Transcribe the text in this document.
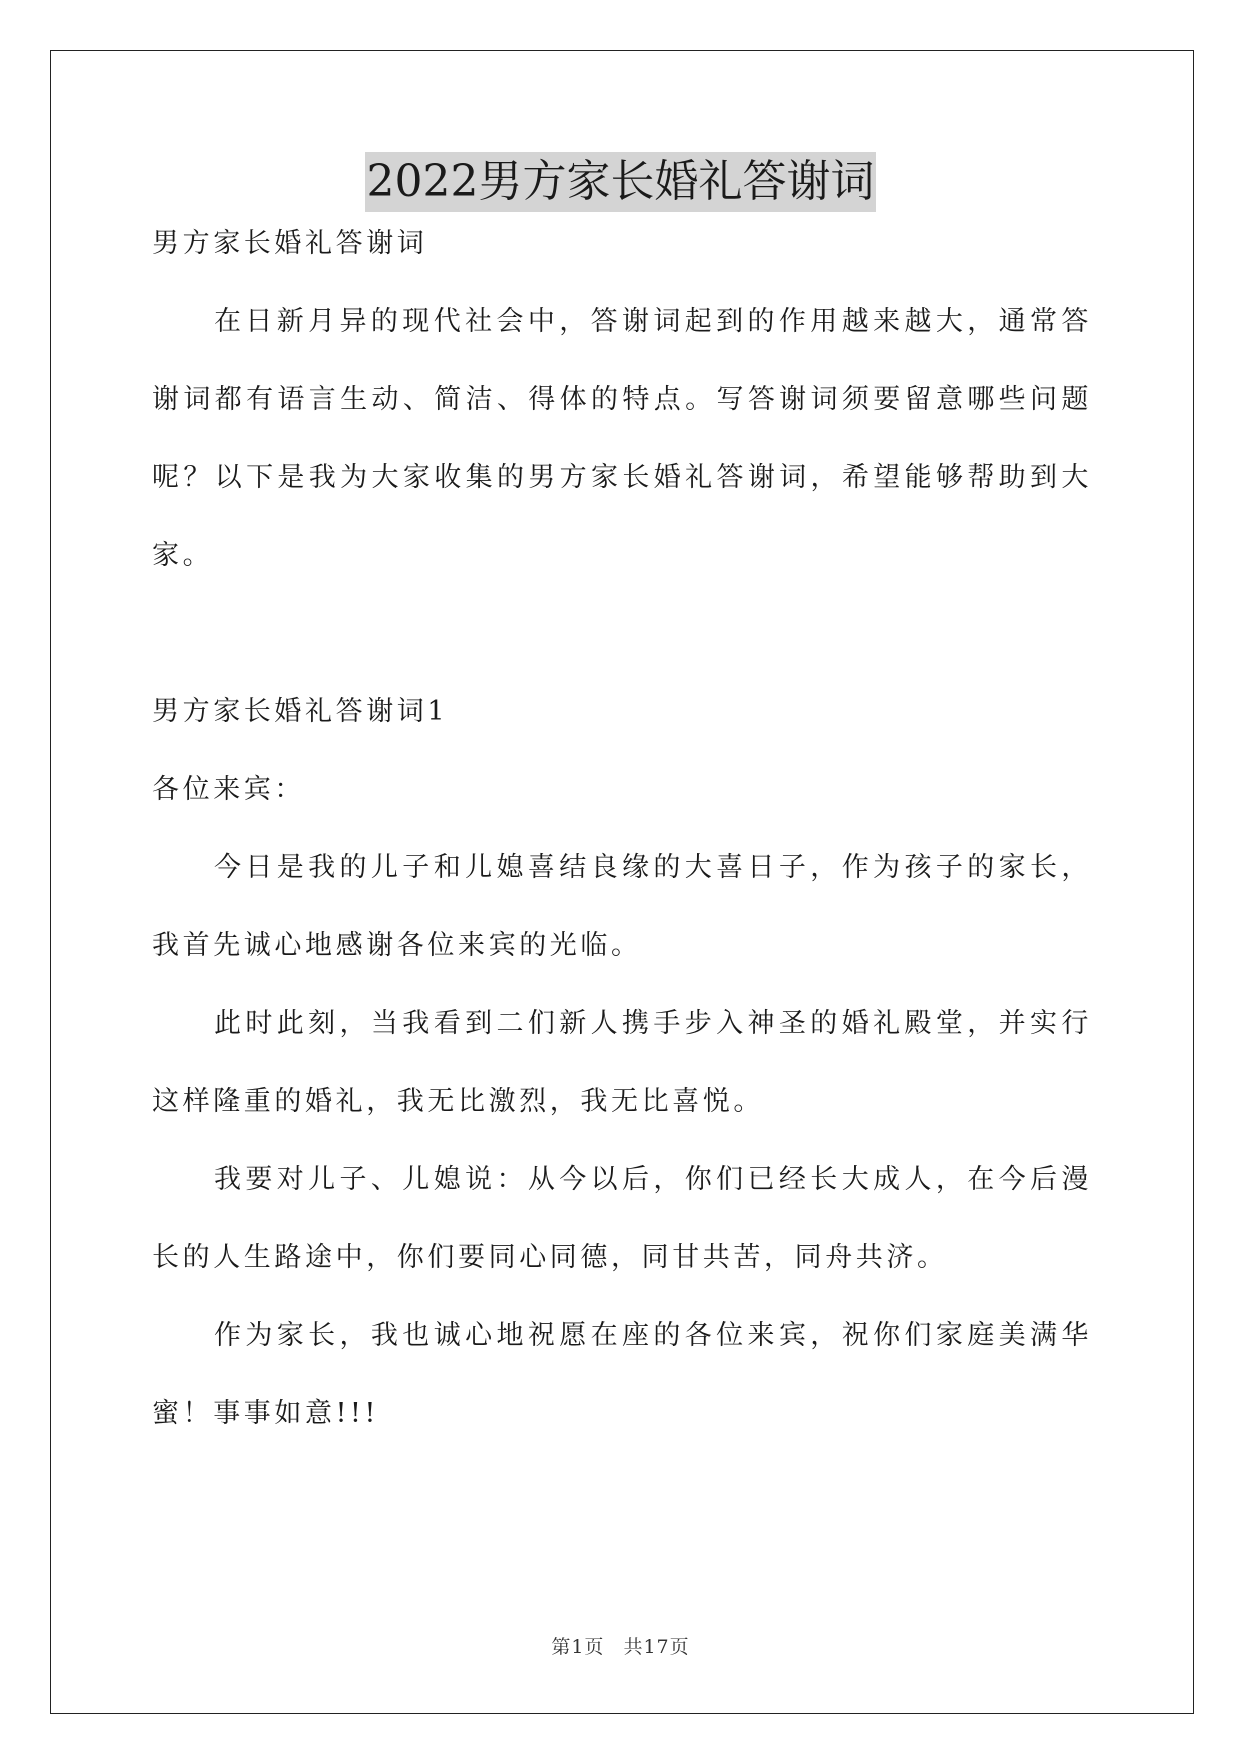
2022男方家长婚礼答谢词

男方家长婚礼答谢词

在日新月异的现代社会中，答谢词起到的作用越来越大，通常答谢词都有语言生动、简洁、得体的特点。写答谢词须要留意哪些问题呢？以下是我为大家收集的男方家长婚礼答谢词，希望能够帮助到大家。

男方家长婚礼答谢词1

各位来宾：

今日是我的儿子和儿媳喜结良缘的大喜日子，作为孩子的家长，我首先诚心地感谢各位来宾的光临。

此时此刻，当我看到二们新人携手步入神圣的婚礼殿堂，并实行这样隆重的婚礼，我无比激烈，我无比喜悦。

我要对儿子、儿媳说：从今以后，你们已经长大成人，在今后漫长的人生路途中，你们要同心同德，同甘共苦，同舟共济。

作为家长，我也诚心地祝愿在座的各位来宾，祝你们家庭美满华蜜！事事如意!!!

第1页 共17页
